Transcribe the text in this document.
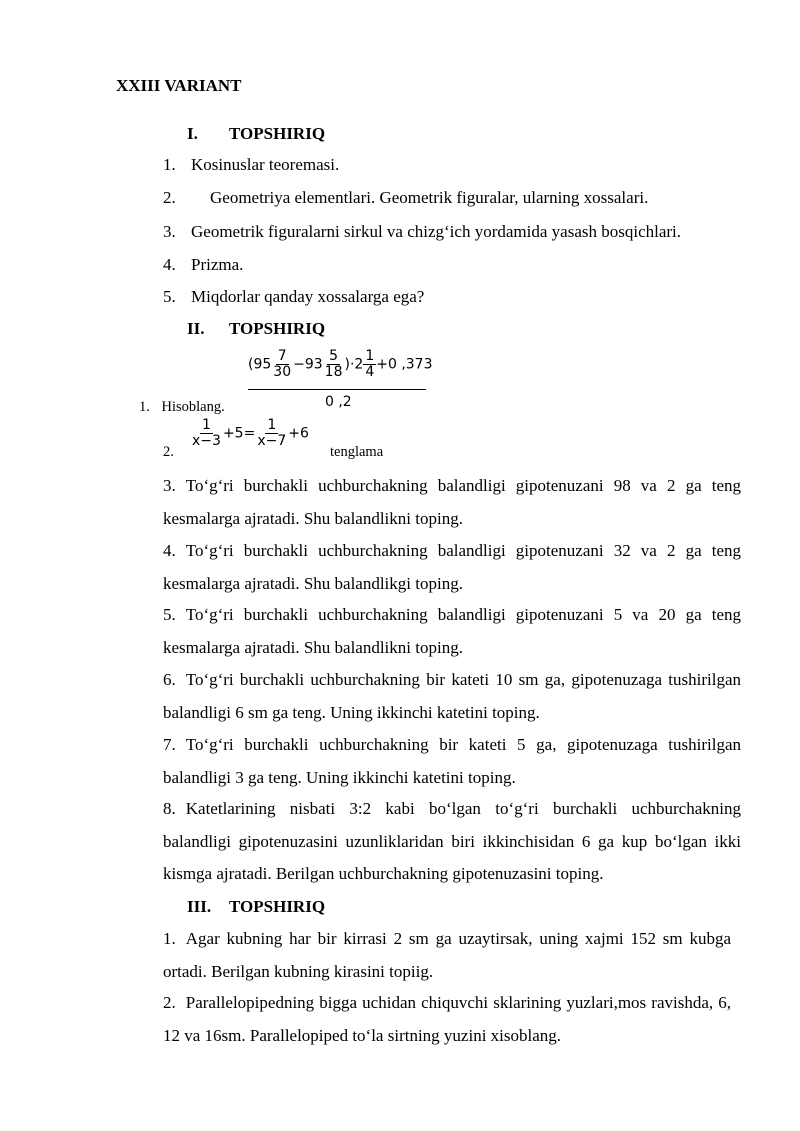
XXIII VARIANT
I. TOPSHIRIQ
1. Kosinuslar teoremasi.
2. Geometriya elementlari. Geometrik figuralar, ularning xossalari.
3. Geometrik figuralarni sirkul va chizg‘ich yordamida yasash bosqichlari.
4. Prizma.
5. Miqdorlar qanday xossalarga ega?
II. TOPSHIRIQ
$(95 \frac{7}{30} -93 \frac{5}{18} )\cdot 2 \frac{1}{4} +0$ ,373
0 ,2
1. Hisoblang.
2.
$\frac{1}{x-3} +5= \frac{1}{x-7} +6$
tenglama
3. To‘g‘ri burchakli uchburchakning balandligi gipotenuzani 98 va 2 ga teng kesmalarga ajratadi. Shu balandlikni toping.
4. To‘g‘ri burchakli uchburchakning balandligi gipotenuzani 32 va 2 ga teng kesmalarga ajratadi. Shu balandlikgi toping.
5. To‘g‘ri burchakli uchburchakning balandligi gipotenuzani 5 va 20 ga teng kesmalarga ajratadi. Shu balandlikni toping.
6. To‘g‘ri burchakli uchburchakning bir kateti 10 sm ga, gipotenuzaga tushirilgan balandligi 6 sm ga teng. Uning ikkinchi katetini toping.
7. To‘g‘ri burchakli uchburchakning bir kateti 5 ga, gipotenuzaga tushirilgan balandligi 3 ga teng. Uning ikkinchi katetini toping.
8. Katetlarining nisbati 3:2 kabi bo‘lgan to‘g‘ri burchakli uchburchakning balandligi gipotenuzasini uzunliklaridan biri ikkinchisidan 6 ga kup bo‘lgan ikki kismga ajratadi. Berilgan uchburchakning gipotenuzasini toping.
III. TOPSHIRIQ
1. Agar kubning har bir kirrasi 2 sm ga uzaytirsak, uning xajmi 152 sm kubga ortadi. Berilgan kubning kirasini topiig.
2. Parallelopipedning bigga uchidan chiquvchi sklarining yuzlari,mos ravishda, 6, 12 va 16sm. Parallelopiped to‘la sirtning yuzini xisoblang.
